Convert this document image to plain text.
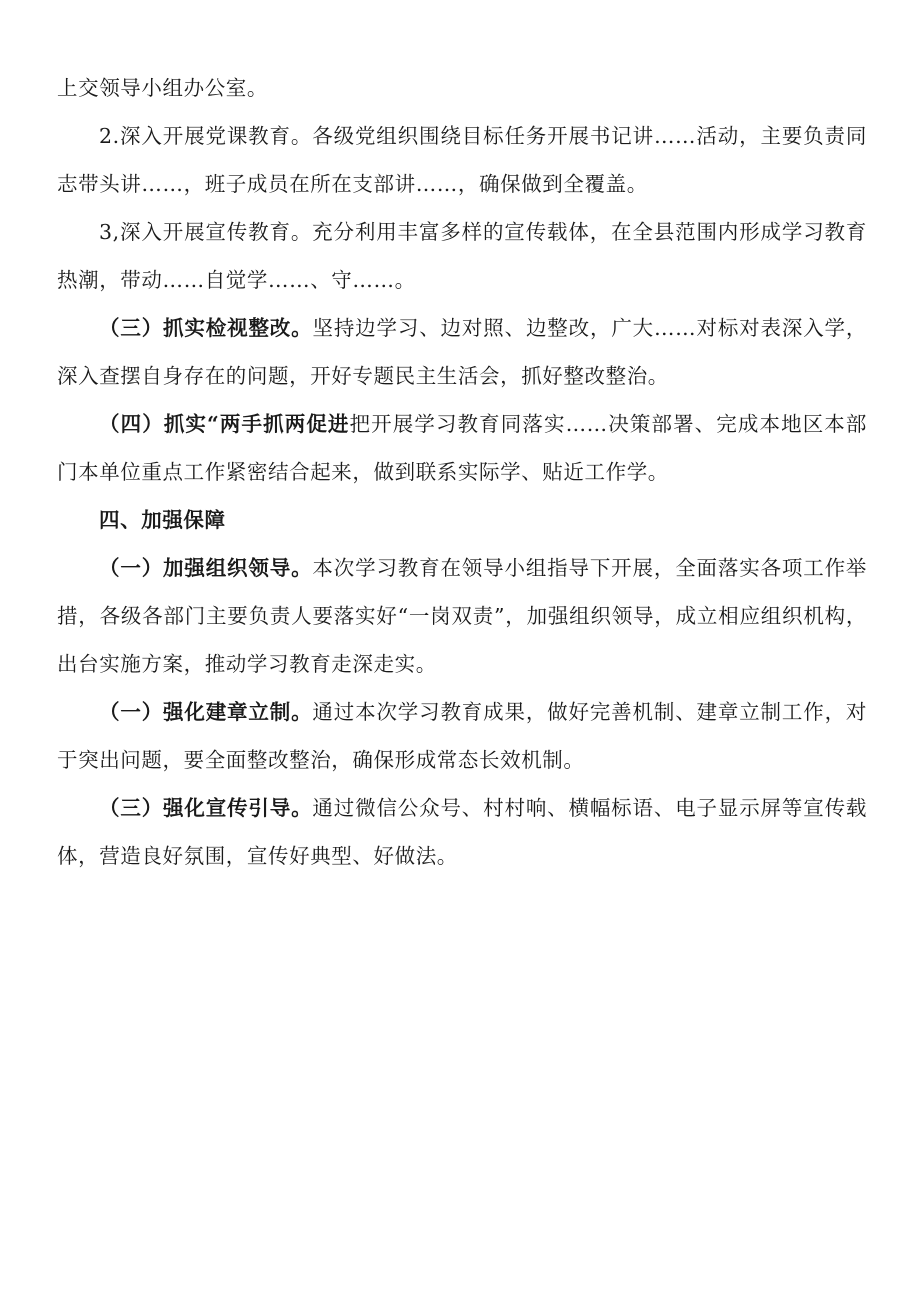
上交领导小组办公室。

2.深入开展党课教育。各级党组织围绕目标任务开展书记讲……活动，主要负责同志带头讲……，班子成员在所在支部讲……，确保做到全覆盖。

3,深入开展宣传教育。充分利用丰富多样的宣传载体，在全县范围内形成学习教育热潮，带动……自觉学……、守……。

（三）抓实检视整改。坚持边学习、边对照、边整改，广大……对标对表深入学，深入查摆自身存在的问题，开好专题民主生活会，抓好整改整治。

（四）抓实“两手抓两促进把开展学习教育同落实……决策部署、完成本地区本部门本单位重点工作紧密结合起来，做到联系实际学、贴近工作学。

四、加强保障

（一）加强组织领导。本次学习教育在领导小组指导下开展，全面落实各项工作举措，各级各部门主要负责人要落实好“一岗双责”，加强组织领导，成立相应组织机构，出台实施方案，推动学习教育走深走实。

（一）强化建章立制。通过本次学习教育成果，做好完善机制、建章立制工作，对于突出问题，要全面整改整治，确保形成常态长效机制。

（三）强化宣传引导。通过微信公众号、村村响、横幅标语、电子显示屏等宣传载体，营造良好氛围，宣传好典型、好做法。
